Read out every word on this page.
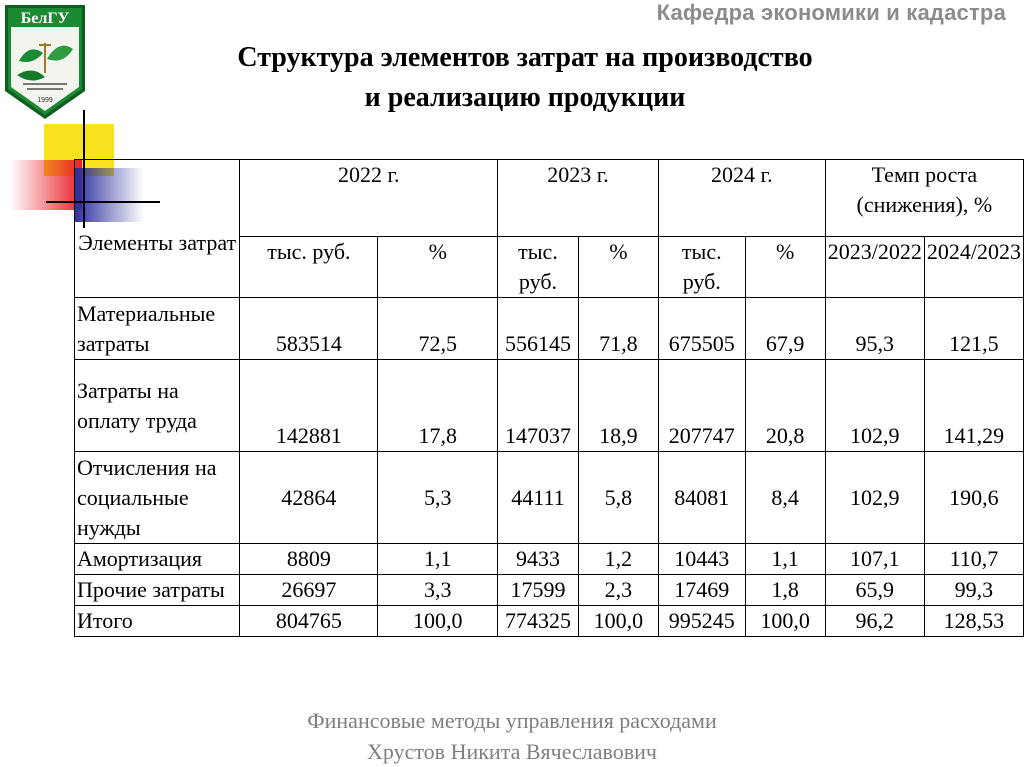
Кафедра экономики и кадастра
БелГУ
1999
Структура элементов затрат на производство
и реализацию продукции
Элементы затрат	2022 г.		2023 г.		2024 г.		Темп роста (снижения), %	
	тыс. руб.	%	тыс. руб.	%	тыс. руб.	%	2023/2022	2024/2023
Материальные затраты	583514	72,5	556145	71,8	675505	67,9	95,3	121,5
Затраты на оплату труда	142881	17,8	147037	18,9	207747	20,8	102,9	141,29
Отчисления на социальные нужды	42864	5,3	44111	5,8	84081	8,4	102,9	190,6
Амортизация	8809	1,1	9433	1,2	10443	1,1	107,1	110,7
Прочие затраты	26697	3,3	17599	2,3	17469	1,8	65,9	99,3
Итого	804765	100,0	774325	100,0	995245	100,0	96,2	128,53
Финансовые методы управления расходами
Хрустов Никита Вячеславович
